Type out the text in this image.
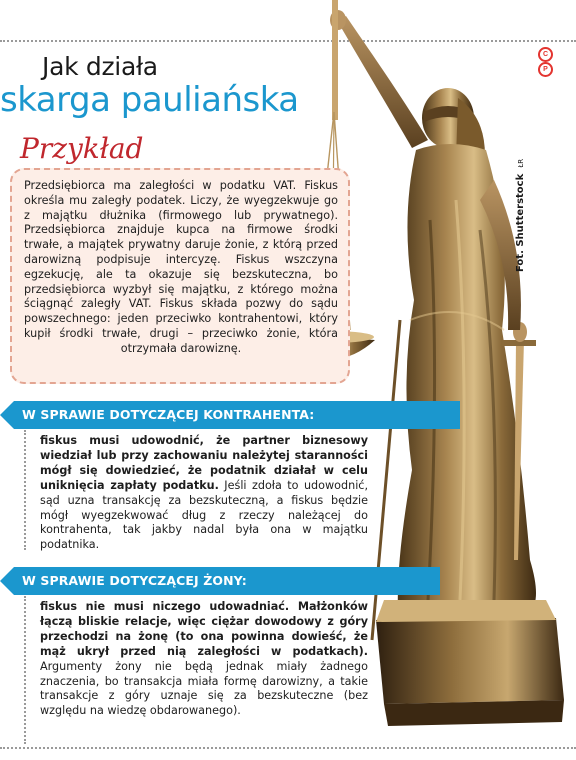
Jak działa
skarga pauliańska
CP
Przykład

Przedsiębiorca ma zaległości w podatku VAT. Fiskus określa mu zaległy podatek. Liczy, że wyegzekwuje go z majątku dłużnika (firmowego lub prywatnego). Przedsiębiorca znajduje kupca na firmowe środki trwałe, a majątek prywatny daruje żonie, z którą przed darowizną podpisuje intercyzę. Fiskus wszczyna egzekucję, ale ta okazuje się bezskuteczna, bo przedsiębiorca wyzbył się majątku, z którego można ściągnąć zaległy VAT. Fiskus składa pozwy do sądu powszechnego: jeden przeciwko kontrahentowi, który kupił środki trwałe, drugi – przeciwko żonie, która otrzymała darowiznę.

Fot. ShutterstockŁR
W SPRAWIE DOTYCZĄCEJ KONTRAHENTA:
fiskus musi udowodnić, że partner biznesowy wiedział lub przy zachowaniu należytej staranności mógł się dowiedzieć, że podatnik działał w celu uniknięcia zapłaty podatku. Jeśli zdoła to udowodnić, sąd uzna transakcję za bezskuteczną, a fiskus będzie mógł wyegzekwować dług z rzeczy należącej do kontrahenta, tak jakby nadal była ona w majątku podatnika.
W SPRAWIE DOTYCZĄCEJ ŻONY:
fiskus nie musi niczego udowadniać. Małżonków łączą bliskie relacje, więc ciężar dowodowy z góry przechodzi na żonę (to ona powinna dowieść, że mąż ukrył przed nią zaległości w podatkach). Argumenty żony nie będą jednak miały żadnego znaczenia, bo transakcja miała formę darowizny, a takie transakcje z góry uznaje się za bezskuteczne (bez względu na wiedzę obdarowanego).
